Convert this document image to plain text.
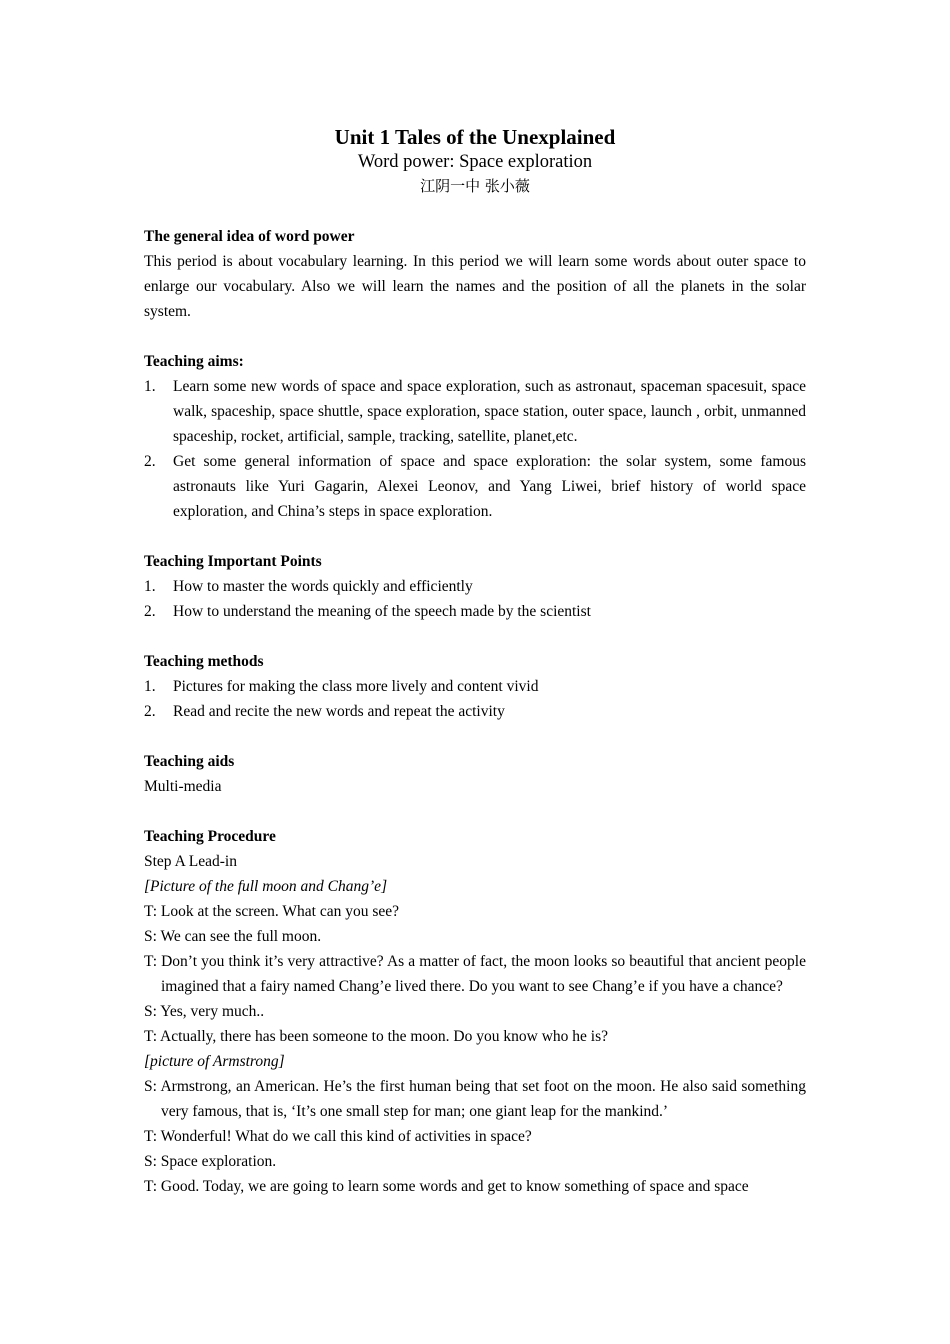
Unit 1 Tales of the Unexplained
Word power: Space exploration
江阴一中 张小薇

The general idea of word power

This period is about vocabulary learning. In this period we will learn some words about outer space to enlarge our vocabulary. Also we will learn the names and the position of all the planets in the solar system.

Teaching aims:

1.	Learn some new words of space and space exploration, such as astronaut, spaceman spacesuit, space walk, spaceship, space shuttle, space exploration, space station, outer space, launch , orbit, unmanned spaceship, rocket, artificial, sample, tracking, satellite, planet,etc.
2.	Get some general information of space and space exploration: the solar system, some famous astronauts like Yuri Gagarin, Alexei Leonov, and Yang Liwei, brief history of world space exploration, and China’s steps in space exploration.

Teaching Important Points

1.	How to master the words quickly and efficiently
2.	How to understand the meaning of the speech made by the scientist

Teaching methods

1.	Pictures for making the class more lively and content vivid
2.	Read and recite the new words and repeat the activity

Teaching aids

Multi-media

Teaching Procedure

Step A Lead-in

[Picture of the full moon and Chang’e]

T: Look at the screen. What can you see?

S: We can see the full moon.

T: Don’t you think it’s very attractive? As a matter of fact, the moon looks so beautiful that ancient people imagined that a fairy named Chang’e lived there. Do you want to see Chang’e if you have a chance?

S: Yes, very much..

T: Actually, there has been someone to the moon. Do you know who he is?

[picture of Armstrong]

S: Armstrong, an American. He’s the first human being that set foot on the moon. He also said something very famous, that is, ‘It’s one small step for man; one giant leap for the mankind.’

T: Wonderful! What do we call this kind of activities in space?

S: Space exploration.

T: Good. Today, we are going to learn some words and get to know something of space and space
